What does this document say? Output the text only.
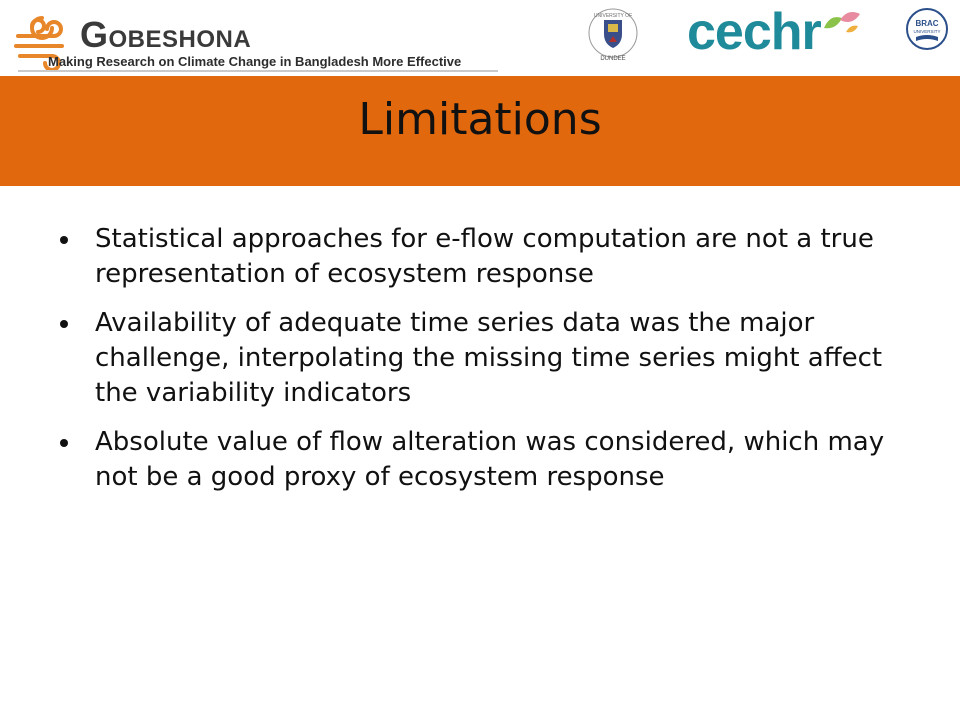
GOBESHONA
Making Research on Climate Change in Bangladesh More Effective
UNIVERSITY OF
DUNDEE cechr	BRAC
UNIVERSITY
Limitations
Statistical approaches for e-flow computation are not a true representation of ecosystem response
Availability of adequate time series data was the major challenge, interpolating the missing time series might affect the variability indicators
Absolute value of flow alteration was considered, which may not be a good proxy of ecosystem response
